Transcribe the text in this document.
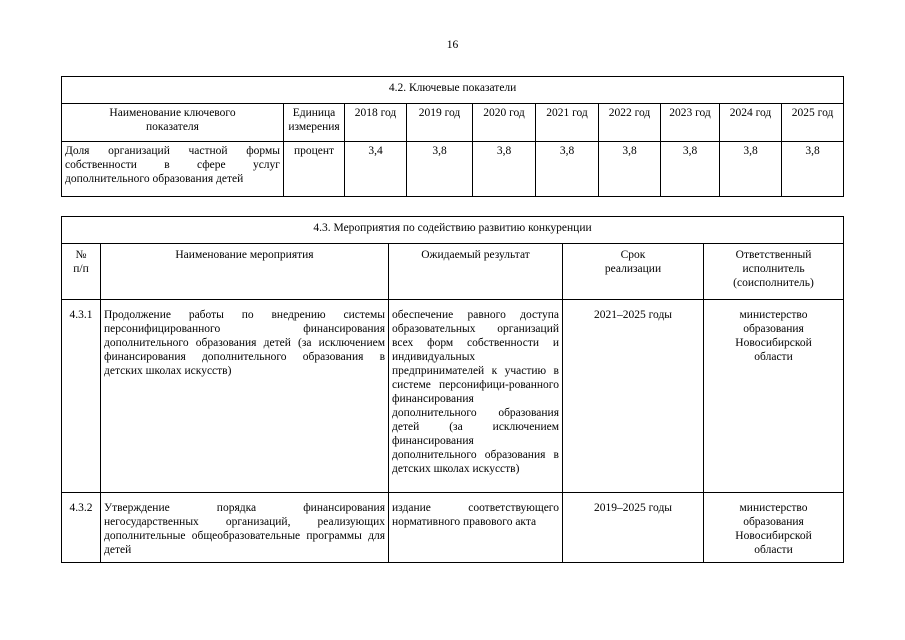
16
4.2. Ключевые показатели									
Наименование ключевого показателя	Единица измерения	2018 год	2019 год	2020 год	2021 год	2022 год	2023 год	2024 год	2025 год
Доля организаций частной формы собственности в сфере услуг дополнительного образования детей	процент	3,4	3,8	3,8	3,8	3,8	3,8	3,8	3,8
4.3. Мероприятия по содействию развитию конкуренции				
№ п/п	Наименование мероприятия	Ожидаемый результат	Срок реализации	Ответственный исполнитель (соисполнитель)
4.3.1	Продолжение работы по внедрению системы персонифицированного финансирования дополнительного образования детей (за исключением финансирования дополнительного образования в детских школах искусств)	обеспечение равного доступа образовательных организаций всех форм собственности и индивидуальных предпринимателей к участию в системе персонифици-рованного финансирования дополнительного образования детей (за исключением финансирования дополнительного образования в детских школах искусств)	2021–2025 годы	министерство образования Новосибирской области
4.3.2	Утверждение порядка финансирования негосударственных организаций, реализующих дополнительные общеобразовательные программы для детей	издание соответствующего нормативного правового акта	2019–2025 годы	министерство образования Новосибирской области
